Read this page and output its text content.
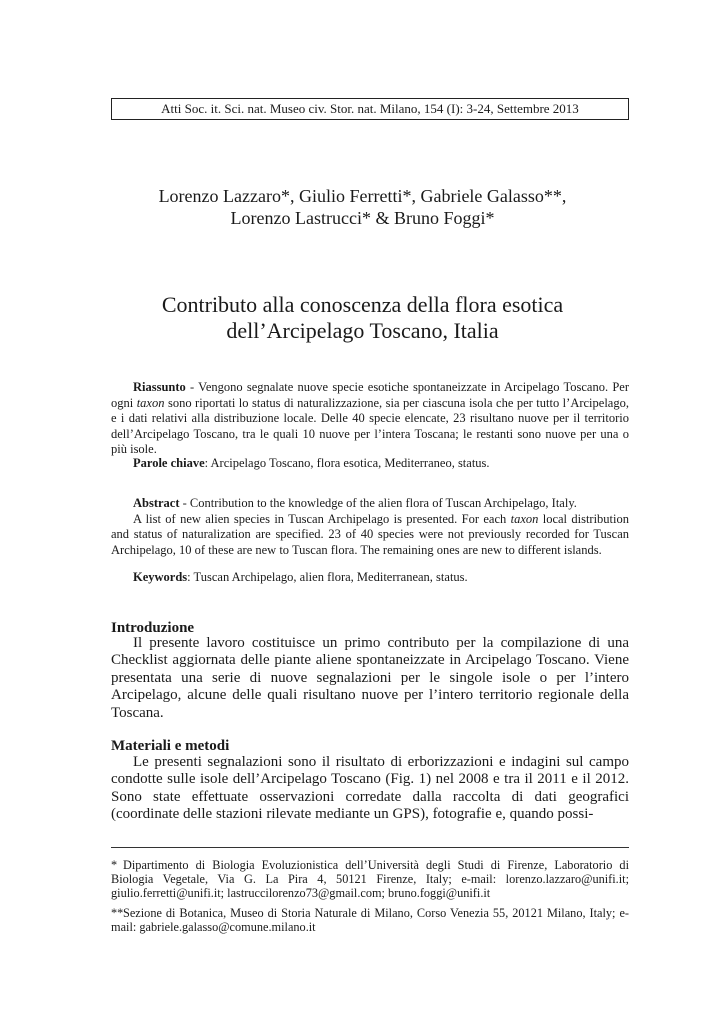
Atti Soc. it. Sci. nat. Museo civ. Stor. nat. Milano, 154 (I): 3-24, Settembre 2013
Lorenzo Lazzaro*, Giulio Ferretti*, Gabriele Galasso**,
Lorenzo Lastrucci* & Bruno Foggi*
Contributo alla conoscenza della flora esotica
dell’Arcipelago Toscano, Italia
Riassunto - Vengono segnalate nuove specie esotiche spontaneizzate in Arcipelago Toscano. Per ogni taxon sono riportati lo status di naturalizzazione, sia per ciascuna isola che per tutto l’Arcipelago, e i dati relativi alla distribuzione locale. Delle 40 specie elencate, 23 risultano nuove per il territorio dell’Arcipelago Toscano, tra le quali 10 nuove per l’intera Toscana; le restanti sono nuove per una o più isole.
Parole chiave: Arcipelago Toscano, flora esotica, Mediterraneo, status.
Abstract - Contribution to the knowledge of the alien flora of Tuscan Archipelago, Italy.
A list of new alien species in Tuscan Archipelago is presented. For each taxon local distribution and status of naturalization are specified. 23 of 40 species were not previously recorded for Tuscan Archipelago, 10 of these are new to Tuscan flora. The remaining ones are new to different islands.
Keywords: Tuscan Archipelago, alien flora, Mediterranean, status.
Introduzione
Il presente lavoro costituisce un primo contributo per la compilazione di una Checklist aggiornata delle piante aliene spontaneizzate in Arcipelago Toscano. Viene presentata una serie di nuove segnalazioni per le singole isole o per l’intero Arcipelago, alcune delle quali risultano nuove per l’intero territorio regionale della Toscana.
Materiali e metodi
Le presenti segnalazioni sono il risultato di erborizzazioni e indagini sul campo condotte sulle isole dell’Arcipelago Toscano (Fig. 1) nel 2008 e tra il 2011 e il 2012. Sono state effettuate osservazioni corredate dalla raccolta di dati geografici (coordinate delle stazioni rilevate mediante un GPS), fotografie e, quando possi-
* Dipartimento di Biologia Evoluzionistica dell’Università degli Studi di Firenze, Laboratorio di Biologia Vegetale, Via G. La Pira 4, 50121 Firenze, Italy; e-mail: lorenzo.lazzaro@unifi.it; giulio.ferretti@unifi.it; lastruccilorenzo73@gmail.com; bruno.foggi@unifi.it
**Sezione di Botanica, Museo di Storia Naturale di Milano, Corso Venezia 55, 20121 Milano, Italy; e-mail: gabriele.galasso@comune.milano.it
